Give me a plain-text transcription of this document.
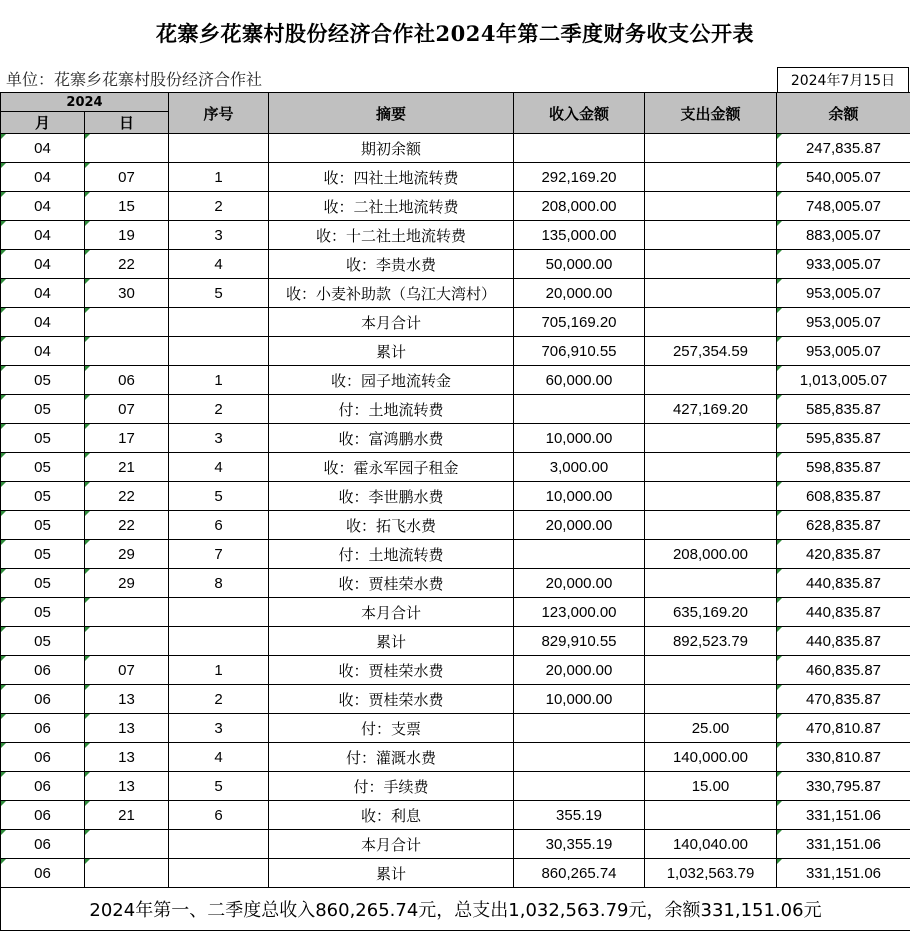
花寨乡花寨村股份经济合作社2024年第二季度财务收支公开表
单位：花寨乡花寨村股份经济合作社	2024年7月15日
2024		序号	摘要	收入金额	支出金额	余额
月	日					
04			期初余额			247,835.87
04	07	1	收：四社土地流转费	292,169.20		540,005.07
04	15	2	收：二社土地流转费	208,000.00		748,005.07
04	19	3	收：十二社土地流转费	135,000.00		883,005.07
04	22	4	收：李贵水费	50,000.00		933,005.07
04	30	5	收：小麦补助款（乌江大湾村）	20,000.00		953,005.07
04			本月合计	705,169.20		953,005.07
04			累计	706,910.55	257,354.59	953,005.07
05	06	1	收：园子地流转金	60,000.00		1,013,005.07
05	07	2	付：土地流转费		427,169.20	585,835.87
05	17	3	收：富鸿鹏水费	10,000.00		595,835.87
05	21	4	收：霍永军园子租金	3,000.00		598,835.87
05	22	5	收：李世鹏水费	10,000.00		608,835.87
05	22	6	收：拓飞水费	20,000.00		628,835.87
05	29	7	付：土地流转费		208,000.00	420,835.87
05	29	8	收：贾桂荣水费	20,000.00		440,835.87
05			本月合计	123,000.00	635,169.20	440,835.87
05			累计	829,910.55	892,523.79	440,835.87
06	07	1	收：贾桂荣水费	20,000.00		460,835.87
06	13	2	收：贾桂荣水费	10,000.00		470,835.87
06	13	3	付：支票		25.00	470,810.87
06	13	4	付：灌溉水费		140,000.00	330,810.87
06	13	5	付：手续费		15.00	330,795.87
06	21	6	收：利息	355.19		331,151.06
06			本月合计	30,355.19	140,040.00	331,151.06
06			累计	860,265.74	1,032,563.79	331,151.06
2024年第一、二季度总收入860,265.74元，总支出1,032,563.79元，余额331,151.06元						
